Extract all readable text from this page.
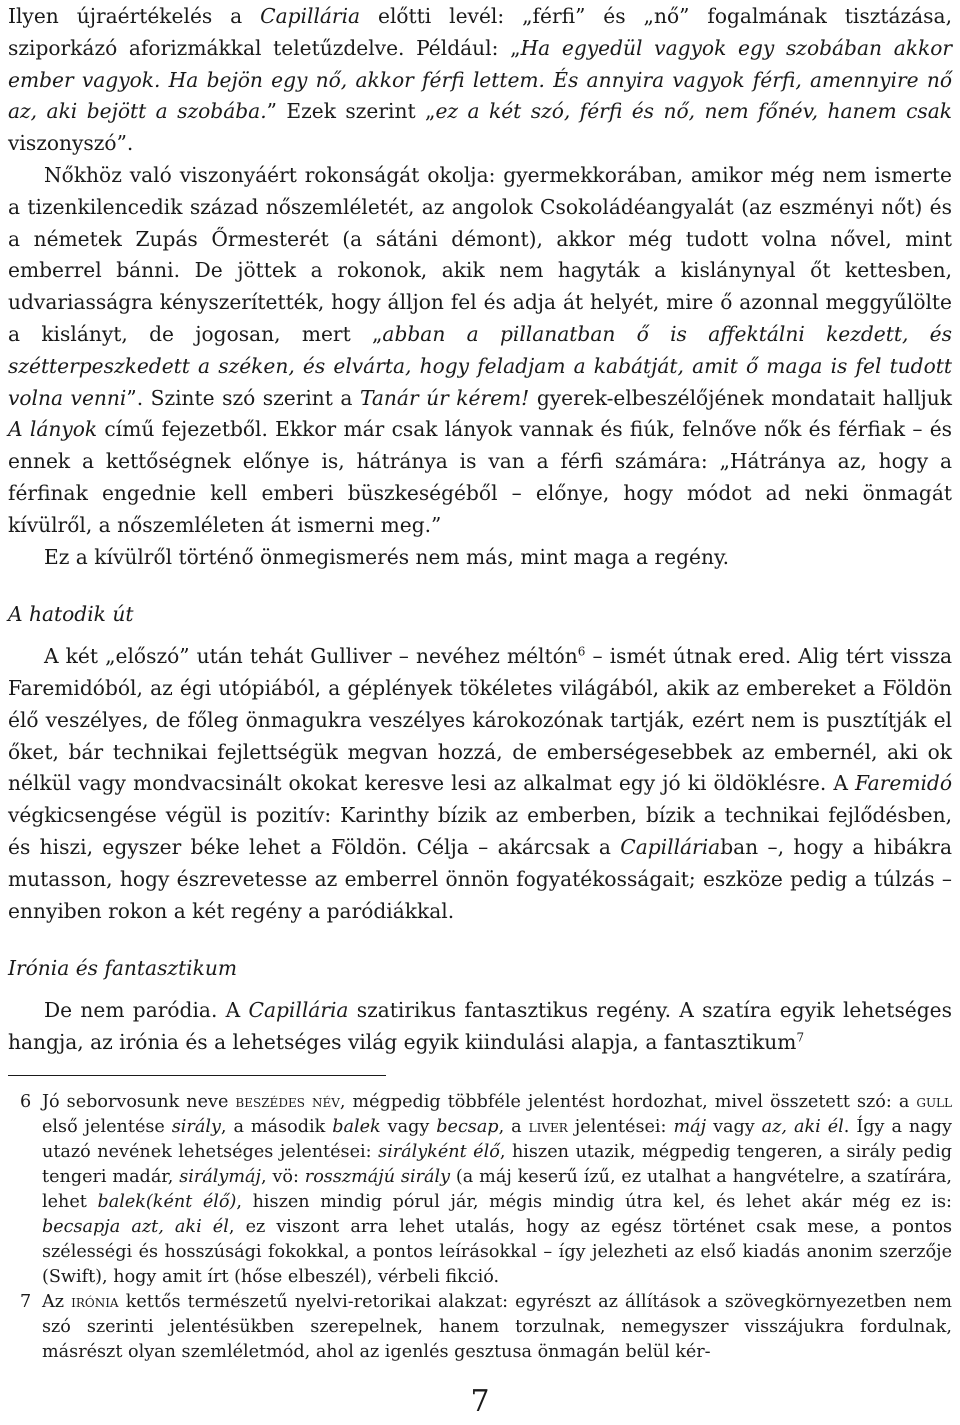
Ilyen újraértékelés a Capillária előtti levél: „férfi” és „nő” fogalmának tisztázása, sziporkázó aforizmákkal teletűzdelve. Például: „Ha egyedül vagyok egy szobában akkor ember vagyok. Ha bejön egy nő, akkor férfi lettem. És annyira vagyok férfi, amennyire nő az, aki bejött a szobába.” Ezek szerint „ez a két szó, férfi és nő, nem főnév, hanem csak viszonyszó”.

Nőkhöz való viszonyáért rokonságát okolja: gyermekkorában, amikor még nem ismerte a tizenkilencedik század nőszemléletét, az angolok Csokoládéangyalát (az eszményi nőt) és a németek Zupás Őrmesterét (a sátáni démont), akkor még tudott volna nővel, mint emberrel bánni. De jöttek a rokonok, akik nem hagyták a kislánynyal őt kettesben, udvariasságra kényszerítették, hogy álljon fel és adja át helyét, mire ő azonnal meggyűlölte a kislányt, de jogosan, mert „abban a pillanatban ő is affektálni kezdett, és szétterpeszkedett a széken, és elvárta, hogy feladjam a kabátját, amit ő maga is fel tudott volna venni”. Szinte szó szerint a Tanár úr kérem! gyerek-elbeszélőjének mondatait halljuk A lányok című fejezetből. Ekkor már csak lányok vannak és fiúk, felnőve nők és férfiak – és ennek a kettőségnek előnye is, hátránya is van a férfi számára: „Hátránya az, hogy a férfinak engednie kell emberi büszkeségéből – előnye, hogy módot ad neki önmagát kívülről, a nőszemléleten át ismerni meg.”

Ez a kívülről történő önmegismerés nem más, mint maga a regény.

A hatodik út

A két „előszó” után tehát Gulliver – nevéhez méltón$^6$ – ismét útnak ered. Alig tért vissza Faremidóból, az égi utópiából, a géplények tökéletes világából, akik az embereket a Földön élő veszélyes, de főleg önmagukra veszélyes károkozónak tartják, ezért nem is pusztítják el őket, bár technikai fejlettségük megvan hozzá, de emberségesebbek az embernél, aki ok nélkül vagy mondvacsinált okokat keresve lesi az alkalmat egy jó ki öldöklésre. A Faremidó végkicsengése végül is pozitív: Karinthy bízik az emberben, bízik a technikai fejlődésben, és hiszi, egyszer béke lehet a Földön. Célja – akárcsak a Capilláriaban –, hogy a hibákra mutasson, hogy észrevetesse az emberrel önnön fogyatékosságait; eszköze pedig a túlzás – ennyiben rokon a két regény a paródiákkal.

Irónia és fantasztikum

De nem paródia. A Capillária szatirikus fantasztikus regény. A szatíra egyik lehetséges hangja, az irónia és a lehetséges világ egyik kiindulási alapja, a fantasztikum$^7$

6 Jó seborvosunk neve beszédes név, mégpedig többféle jelentést hordozhat, mivel összetett szó: a gull első jelentése sirály, a második balek vagy becsap, a liver jelentései: máj vagy az, aki él. Így a nagy utazó nevének lehetséges jelentései: sirályként élő, hiszen utazik, mégpedig tengeren, a sirály pedig tengeri madár, sirálymáj, vö: rosszmájú sirály (a máj keserű ízű, ez utalhat a hangvételre, a szatírára, lehet balek(ként élő), hiszen mindig pórul jár, mégis mindig útra kel, és lehet akár még ez is: becsapja azt, aki él, ez viszont arra lehet utalás, hogy az egész történet csak mese, a pontos szélességi és hosszúsági fokokkal, a pontos leírásokkal – így jelezheti az első kiadás anonim szerzője (Swift), hogy amit írt (hőse elbeszél), vérbeli fikció.

7 Az irónia kettős természetű nyelvi-retorikai alakzat: egyrészt az állítások a szövegkörnyezetben nem szó szerinti jelentésükben szerepelnek, hanem torzulnak, nemegyszer visszájukra fordulnak, másrészt olyan szemléletmód, ahol az igenlés gesztusa önmagán belül kér-

7
